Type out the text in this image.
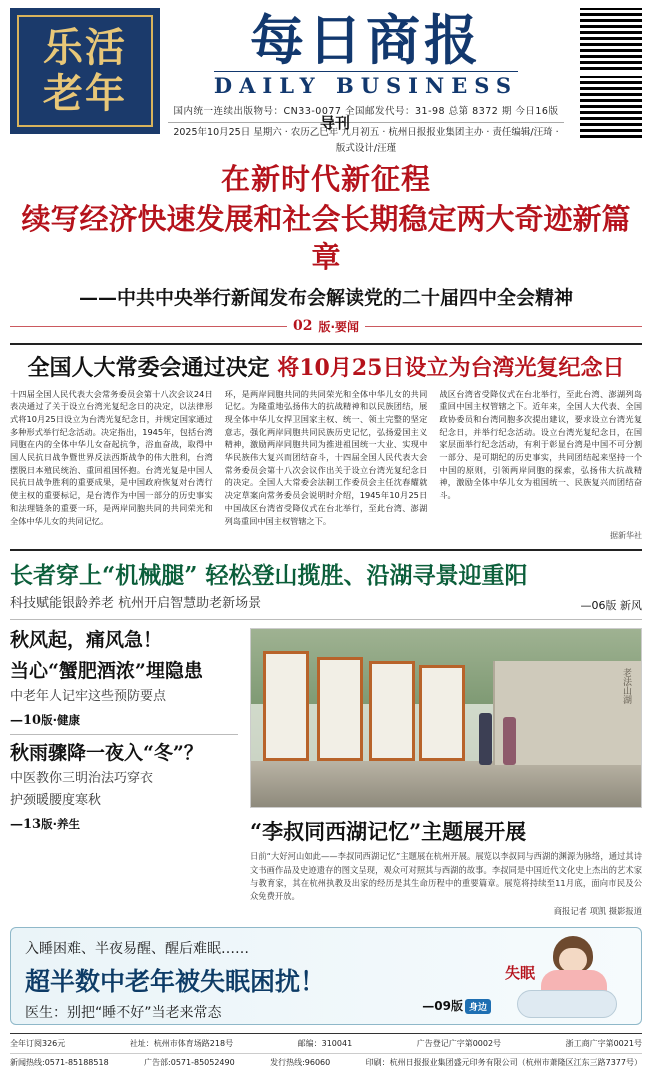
乐活
老年
每日商报
DAILY BUSINESS
国内统一连续出版物号：CN33-0077 全国邮发代号：31-98 总第 8372 期 今日16版
2025年10月25日 星期六 · 农历乙巳年 九月初五 · 杭州日报报业集团主办 · 责任编辑/汪琦 · 版式设计/汪瑾
导刊
在新时代新征程
续写经济快速发展和社会长期稳定两大奇迹新篇章
——中共中央举行新闻发布会解读党的二十届四中全会精神
02 版·要闻
全国人大常委会通过决定 将10月25日设立为台湾光复纪念日
十四届全国人民代表大会常务委员会第十八次会议24日表决通过了关于设立台湾光复纪念日的决定，以法律形式将10月25日设立为台湾光复纪念日，并规定国家通过多种形式举行纪念活动。决定指出，1945年，包括台湾同胞在内的全体中华儿女奋起抗争，浴血奋战，取得中国人民抗日战争暨世界反法西斯战争的伟大胜利，台湾摆脱日本殖民统治、重回祖国怀抱。台湾光复是中国人民抗日战争胜利的重要成果，是中国政府恢复对台湾行使主权的重要标记，是台湾作为中国一部分的历史事实和法理链条的重要一环，是两岸同胞共同的共同荣光和全体中华儿女的共同记忆。
环，是两岸同胞共同的共同荣光和全体中华儿女的共同记忆。为隆重地弘扬伟大的抗战精神和以民族团结，展现全体中华儿女捍卫国家主权、统一、领土完整的坚定意志，强化两岸同胞共同民族历史记忆，弘扬爱国主义精神，激励两岸同胞共同为推进祖国统一大业、实现中华民族伟大复兴而团结奋斗，十四届全国人民代表大会常务委员会第十八次会议作出关于设立台湾光复纪念日的决定。全国人大常委会法制工作委员会主任沈春耀就决定草案向常务委员会说明时介绍，1945年10月25日中国战区台湾省受降仪式在台北举行，至此台湾、澎湖列岛重回中国主权管辖之下。
战区台湾省受降仪式在台北举行，至此台湾、澎湖列岛重回中国主权管辖之下。近年来，全国人大代表、全国政协委员和台湾同胞多次提出建议，要求设立台湾光复纪念日，并举行纪念活动。设立台湾光复纪念日，在国家层面举行纪念活动，有利于彰显台湾是中国不可分割一部分、是可期纪的历史事实，共同团结起来坚持一个中国的原则，引领两岸同胞的探索，弘扬伟大抗战精神，激励全体中华儿女为祖国统一、民族复兴而团结奋斗。
据新华社
长者穿上“机械腿” 轻松登山揽胜、沿湖寻景迎重阳
科技赋能银龄养老 杭州开启智慧助老新场景	—06版 新风
秋风起，痛风急！
当心“蟹肥酒浓”埋隐患

中老年人记牢这些预防要点

—10版·健康
秋雨骤降一夜入“冬”？

中医教你三明治法巧穿衣

护颈暖腰度寒秋

—13版·养生
老法山湖
“李叔同西湖记忆”主题展开展
日前“大好河山如此——李叔同西湖记忆”主题展在杭州开展。展览以李叔同与西湖的渊源为脉络，通过其诗文书画作品及史迹遗存的图文呈现，观众可对照其与西湖的故事。李叔同是中国近代文化史上杰出的艺术家与教育家，其在杭州执教及出家的经历是其生命历程中的重要篇章。展览将持续至11月底，面向市民及公众免费开放。
商报记者 项凯 摄影报道
入睡困难、半夜易醒、醒后难眠……
超半数中老年被失眠困扰！
医生：别把“睡不好”当老来常态	—09版 身边
失眠
全年订阅326元	社址：杭州市体育场路218号	邮编：310041	广告登记广字第0002号	浙工商广字第0021号
新闻热线:0571-85188518	广告部:0571-85052490	发行热线:96060	印刷：杭州日报报业集团盛元印务有限公司（杭州市萧隆区江东三路7377号）
